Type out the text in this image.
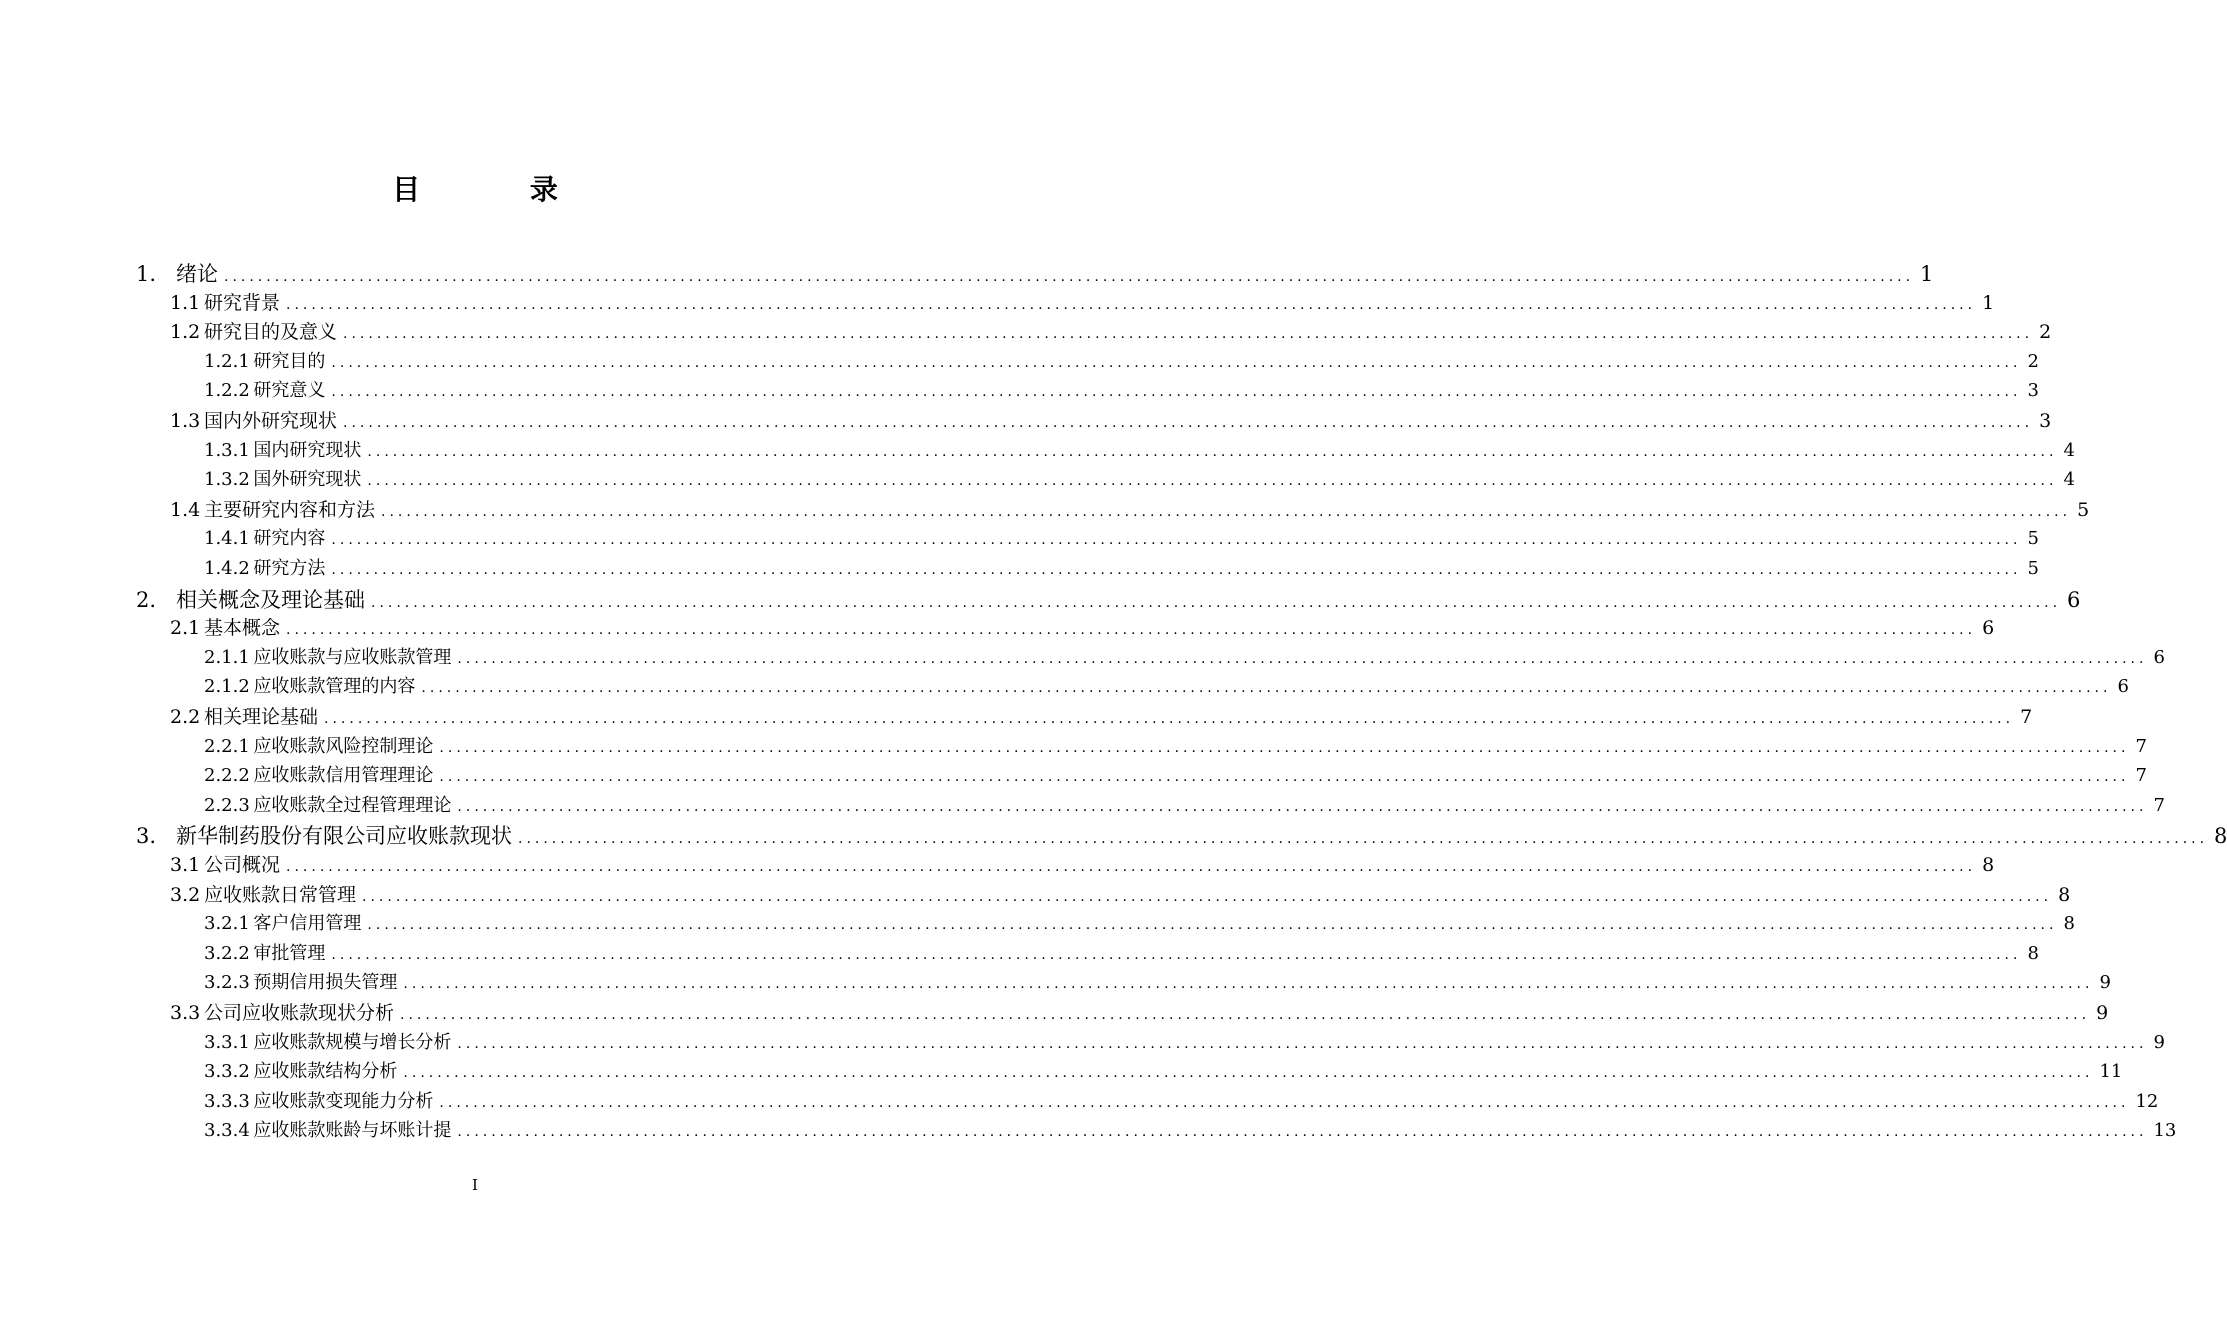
目 录
1. 绪论 ........................................................................................................................................................................................................ 1
1.1
  研究背景 ........................................................................................................................................................................................................ 1
1.2
  研究目的及意义 ........................................................................................................................................................................................................ 2
1.2.1
  研究目的 ........................................................................................................................................................................................................ 2
1.2.2
  研究意义 ........................................................................................................................................................................................................ 3
1.3
  国内外研究现状 ........................................................................................................................................................................................................ 3
1.3.1
  国内研究现状 ........................................................................................................................................................................................................ 4
1.3.2
  国外研究现状 ........................................................................................................................................................................................................ 4
1.4
  主要研究内容和方法 ........................................................................................................................................................................................................ 5
1.4.1
  研究内容 ........................................................................................................................................................................................................ 5
1.4.2
  研究方法 ........................................................................................................................................................................................................ 5
2. 相关概念及理论基础 ........................................................................................................................................................................................................ 6
2.1
  基本概念 ........................................................................................................................................................................................................ 6
2.1.1
  应收账款与应收账款管理 ........................................................................................................................................................................................................ 6
2.1.2
  应收账款管理的内容 ........................................................................................................................................................................................................ 6
2.2
  相关理论基础 ........................................................................................................................................................................................................ 7
2.2.1
  应收账款风险控制理论 ........................................................................................................................................................................................................ 7
2.2.2
  应收账款信用管理理论 ........................................................................................................................................................................................................ 7
2.2.3
  应收账款全过程管理理论 ........................................................................................................................................................................................................ 7
3. 新华制药股份有限公司应收账款现状 ........................................................................................................................................................................................................ 8
3.1
  公司概况 ........................................................................................................................................................................................................ 8
3.2
  应收账款日常管理 ........................................................................................................................................................................................................ 8
3.2.1
  客户信用管理 ........................................................................................................................................................................................................ 8
3.2.2
  审批管理 ........................................................................................................................................................................................................ 8
3.2.3
  预期信用损失管理 ........................................................................................................................................................................................................ 9
3.3
  公司应收账款现状分析 ........................................................................................................................................................................................................ 9
3.3.1
  应收账款规模与增长分析 ........................................................................................................................................................................................................ 9
3.3.2
  应收账款结构分析 ........................................................................................................................................................................................................ 11
3.3.3
  应收账款变现能力分析 ........................................................................................................................................................................................................ 12
3.3.4
  应收账款账龄与坏账计提 ........................................................................................................................................................................................................ 13
I
